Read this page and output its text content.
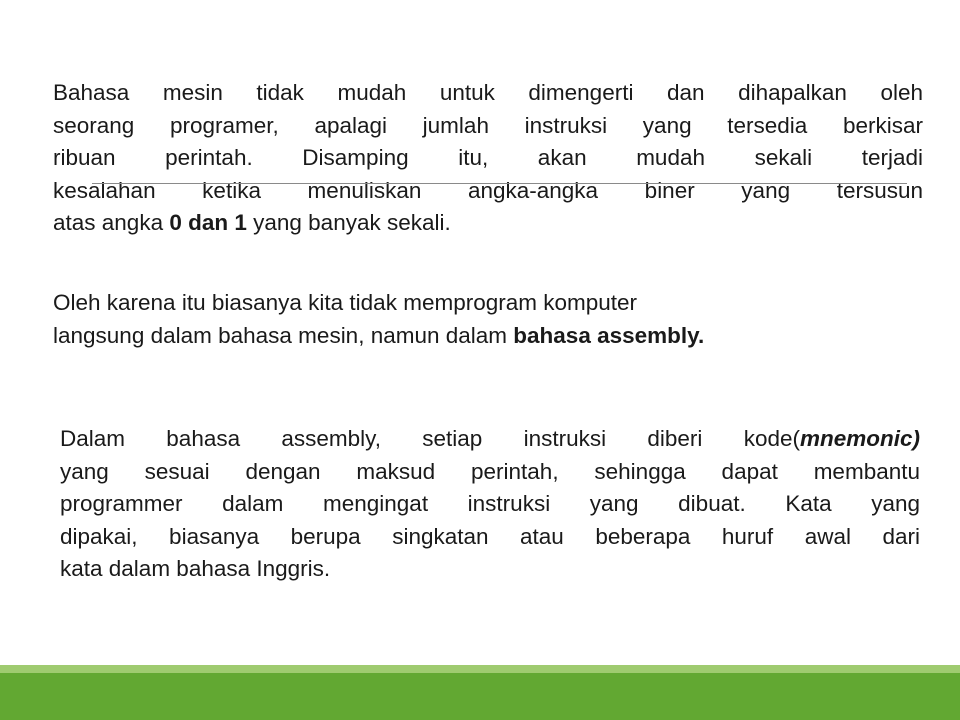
Bahasa mesin tidak mudah untuk dimengerti dan dihapalkan oleh
seorang programer, apalagi jumlah instruksi yang tersedia berkisar
ribuan perintah. Disamping itu, akan mudah sekali terjadi
kesalahan ketika menuliskan angka-angka biner yang tersusun
atas angka 0 dan 1 yang banyak sekali.
Oleh karena itu biasanya kita tidak memprogram komputer
langsung dalam bahasa mesin, namun dalam bahasa assembly.
Dalam bahasa assembly, setiap instruksi diberi kode(mnemonic)
yang sesuai dengan maksud perintah, sehingga dapat membantu
programmer dalam mengingat instruksi yang dibuat. Kata yang
dipakai, biasanya berupa singkatan atau beberapa huruf awal dari
kata dalam bahasa Inggris.
